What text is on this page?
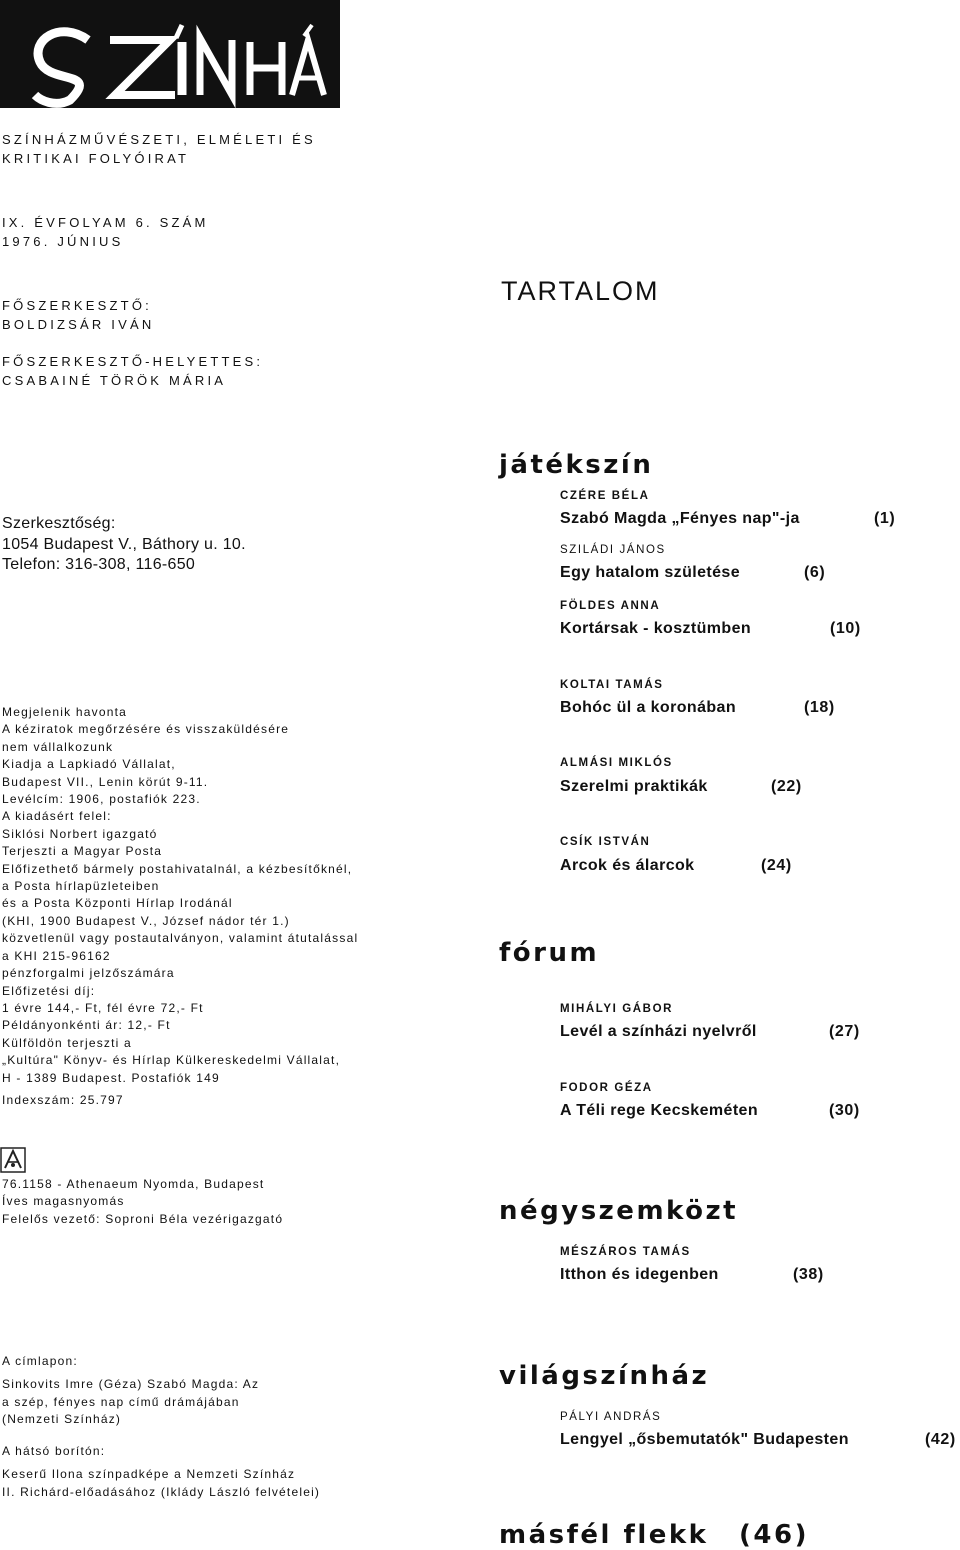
SZÍNHÁZMŰVÉSZETI, ELMÉLETI ÉS
KRITIKAI FOLYÓIRAT
IX. ÉVFOLYAM 6. SZÁM
1976. JÚNIUS
FŐSZERKESZTŐ:
BOLDIZSÁR IVÁN
FŐSZERKESZTŐ-HELYETTES:
CSABAINÉ TÖRÖK MÁRIA
Szerkesztőség:
1054 Budapest V., Báthory u. 10.
Telefon: 316-308, 116-650
Megjelenik havonta
A kéziratok megőrzésére és visszaküldésére
nem vállalkozunk
Kiadja a Lapkiadó Vállalat,
Budapest VII., Lenin körút 9-11.
Levélcím: 1906, postafiók 223.
A kiadásért felel:
Siklósi Norbert igazgató
Terjeszti a Magyar Posta
Előfizethető bármely postahivatalnál, a kézbesítőknél,
a Posta hírlapüzleteiben
és a Posta Központi Hírlap Irodánál
(KHI, 1900 Budapest V., József nádor tér 1.)
közvetlenül vagy postautalványon, valamint átutalással
a KHI 215-96162
pénzforgalmi jelzőszámára
Előfizetési díj:
1 évre 144,- Ft, fél évre 72,- Ft
Példányonkénti ár: 12,- Ft
Külföldön terjeszti a
„Kultúra" Könyv- és Hírlap Külkereskedelmi Vállalat,
H - 1389 Budapest. Postafiók 149
Indexszám: 25.797
76.1158 - Athenaeum Nyomda, Budapest
Íves magasnyomás
Felelős vezető: Soproni Béla vezérigazgató
A címlapon:
Sinkovits Imre (Géza) Szabó Magda: Az
a szép, fényes nap című drámájában
(Nemzeti Színház)
A hátsó borítón:
Keserű Ilona színpadképe a Nemzeti Színház
II. Richárd-előadásához (Iklády László felvételei)
TARTALOM
játékszín
CZÉRE BÉLA
Szabó Magda „Fényes nap"-ja	(1)
SZILÁDI JÁNOS
Egy hatalom születése	(6)
FÖLDES ANNA
Kortársak - kosztümben	(10)
KOLTAI TAMÁS
Bohóc ül a koronában	(18)
ALMÁSI MIKLÓS
Szerelmi praktikák	(22)
CSÍK ISTVÁN
Arcok és álarcok	(24)
fórum
MIHÁLYI GÁBOR
Levél a színházi nyelvről	(27)
FODOR GÉZA
A Téli rege Kecskeméten	(30)
négyszemközt
MÉSZÁROS TAMÁS
Itthon és idegenben	(38)
világszínház
PÁLYI ANDRÁS
Lengyel „ősbemutatók" Budapesten	(42)
másfél flekk (46)
